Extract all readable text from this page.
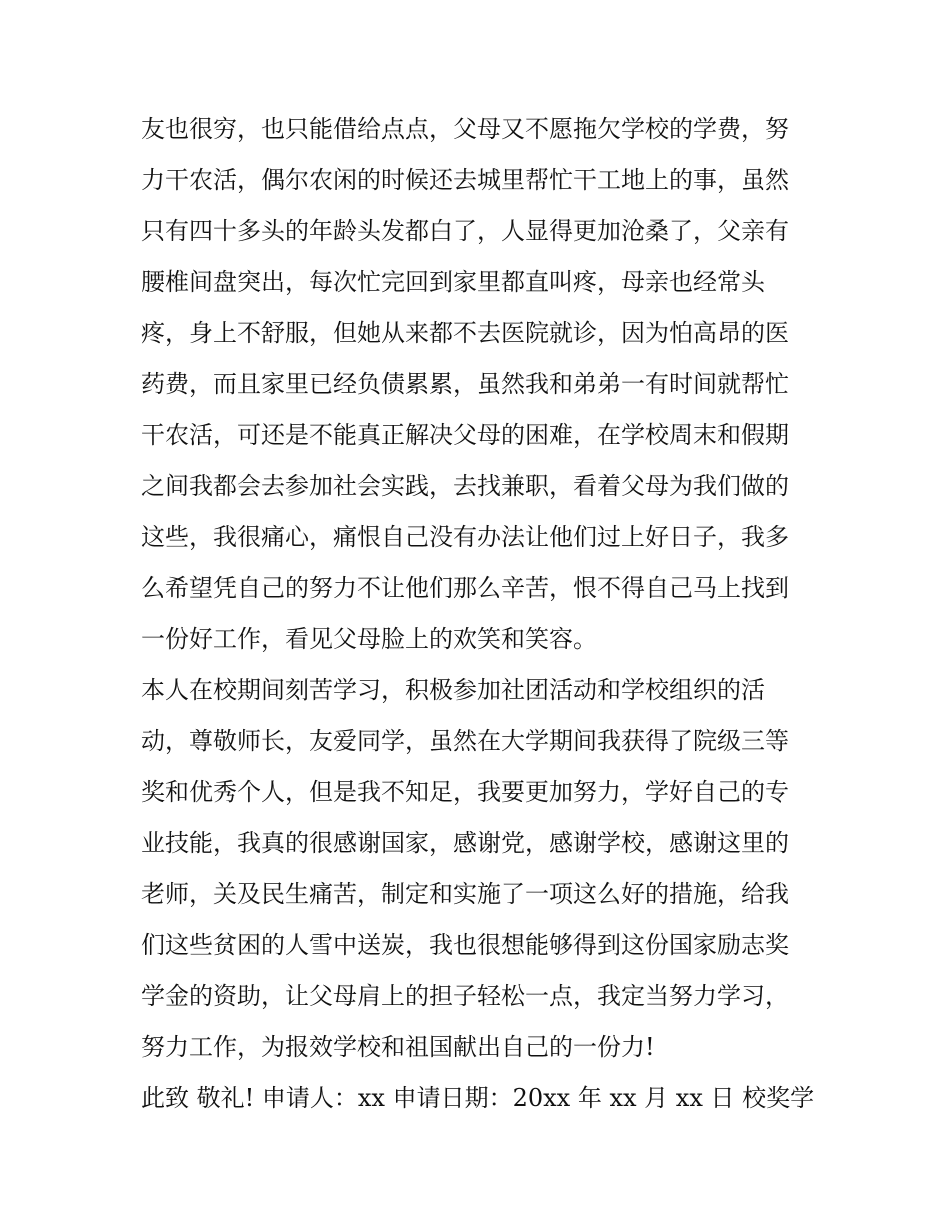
友也很穷，也只能借给点点，父母又不愿拖欠学校的学费，努
力干农活，偶尔农闲的时候还去城里帮忙干工地上的事，虽然
只有四十多头的年龄头发都白了，人显得更加沧桑了，父亲有
腰椎间盘突出，每次忙完回到家里都直叫疼，母亲也经常头
疼，身上不舒服，但她从来都不去医院就诊，因为怕高昂的医
药费，而且家里已经负债累累，虽然我和弟弟一有时间就帮忙
干农活，可还是不能真正解决父母的困难，在学校周末和假期
之间我都会去参加社会实践，去找兼职，看着父母为我们做的
这些，我很痛心，痛恨自己没有办法让他们过上好日子，我多
么希望凭自己的努力不让他们那么辛苦，恨不得自己马上找到
一份好工作，看见父母脸上的欢笑和笑容。
本人在校期间刻苦学习，积极参加社团活动和学校组织的活
动，尊敬师长，友爱同学，虽然在大学期间我获得了院级三等
奖和优秀个人，但是我不知足，我要更加努力，学好自己的专
业技能，我真的很感谢国家，感谢党，感谢学校，感谢这里的
老师，关及民生痛苦，制定和实施了一项这么好的措施，给我
们这些贫困的人雪中送炭，我也很想能够得到这份国家励志奖
学金的资助，让父母肩上的担子轻松一点，我定当努力学习，
努力工作，为报效学校和祖国献出自己的一份力!
此致 敬礼! 申请人：xx 申请日期：20xx 年 xx 月 xx 日 校奖学
